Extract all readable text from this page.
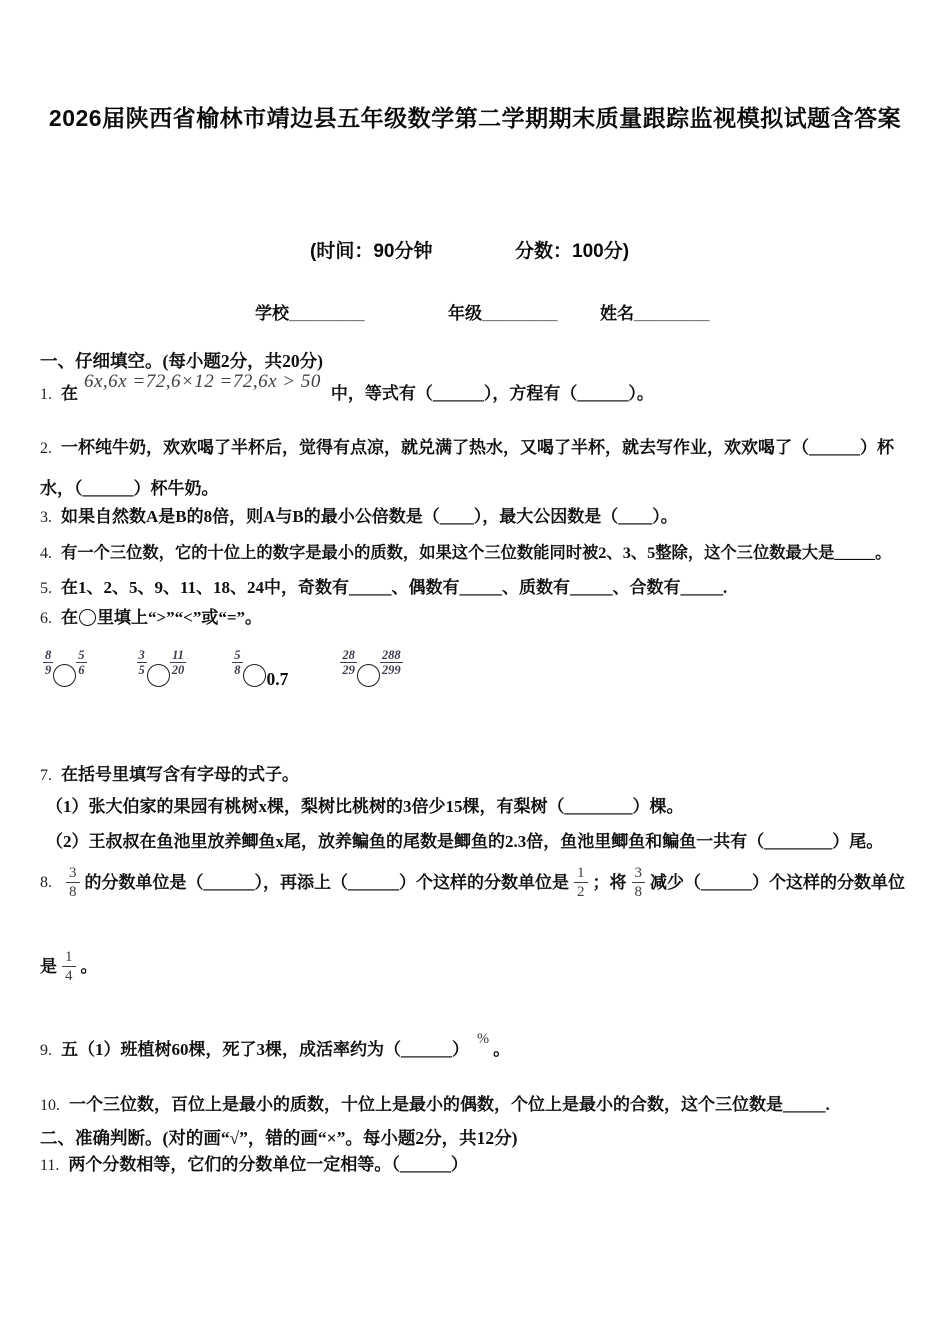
2026届陕西省榆林市靖边县五年级数学第二学期期末质量跟踪监视模拟试题含答案
(时间：90分钟	分数：100分)
学校________	年级________ 姓名________
一、仔细填空。(每小题2分，共20分)
1. 在
6x,6x =72,6×12 =72,6x > 50
中，等式有（______），方程有（______）。
2. 一杯纯牛奶，欢欢喝了半杯后，觉得有点凉，就兑满了热水，又喝了半杯，就去写作业，欢欢喝了（______）杯水，（______）杯牛奶。
3. 如果自然数A是B的8倍，则A与B的最小公倍数是（____），最大公因数是（____）。
4. 有一个三位数，它的十位上的数字是最小的质数，如果这个三位数能同时被2、3、5整除，这个三位数最大是_____。
5. 在1、2、5、9、11、18、24中，奇数有_____、偶数有_____、质数有_____、合数有_____.
6. 在 里填上“>”“<”或“=”。
$\frac{8}{9} \frac{5}{6}$	$\frac{3}{5} \frac{11}{20}$	$\frac{5}{8}$
0.7
$\frac{28}{29} \frac{288}{299}$
7. 在括号里填写含有字母的式子。
（1）张大伯家的果园有桃树x棵，梨树比桃树的3倍少15棵，有梨树（________）棵。
（2）王叔叔在鱼池里放养鲫鱼x尾，放养鳊鱼的尾数是鲫鱼的2.3倍，鱼池里鲫鱼和鳊鱼一共有（________）尾。
8. $\frac{3}{8}$ 的分数单位是（______），再添上（______）个这样的分数单位是 $\frac{1}{2}$ ；将 $\frac{3}{8}$ 减少（______）个这样的分数单位
是 $\frac{1}{4}$ 。
9. 五（1）班植树60棵，死了3棵，成活率约为（______）%。
10. 一个三位数，百位上是最小的质数，十位上是最小的偶数，个位上是最小的合数，这个三位数是_____.
二、准确判断。(对的画“√”，错的画“×”。每小题2分，共12分)
11. 两个分数相等，它们的分数单位一定相等。（______）
